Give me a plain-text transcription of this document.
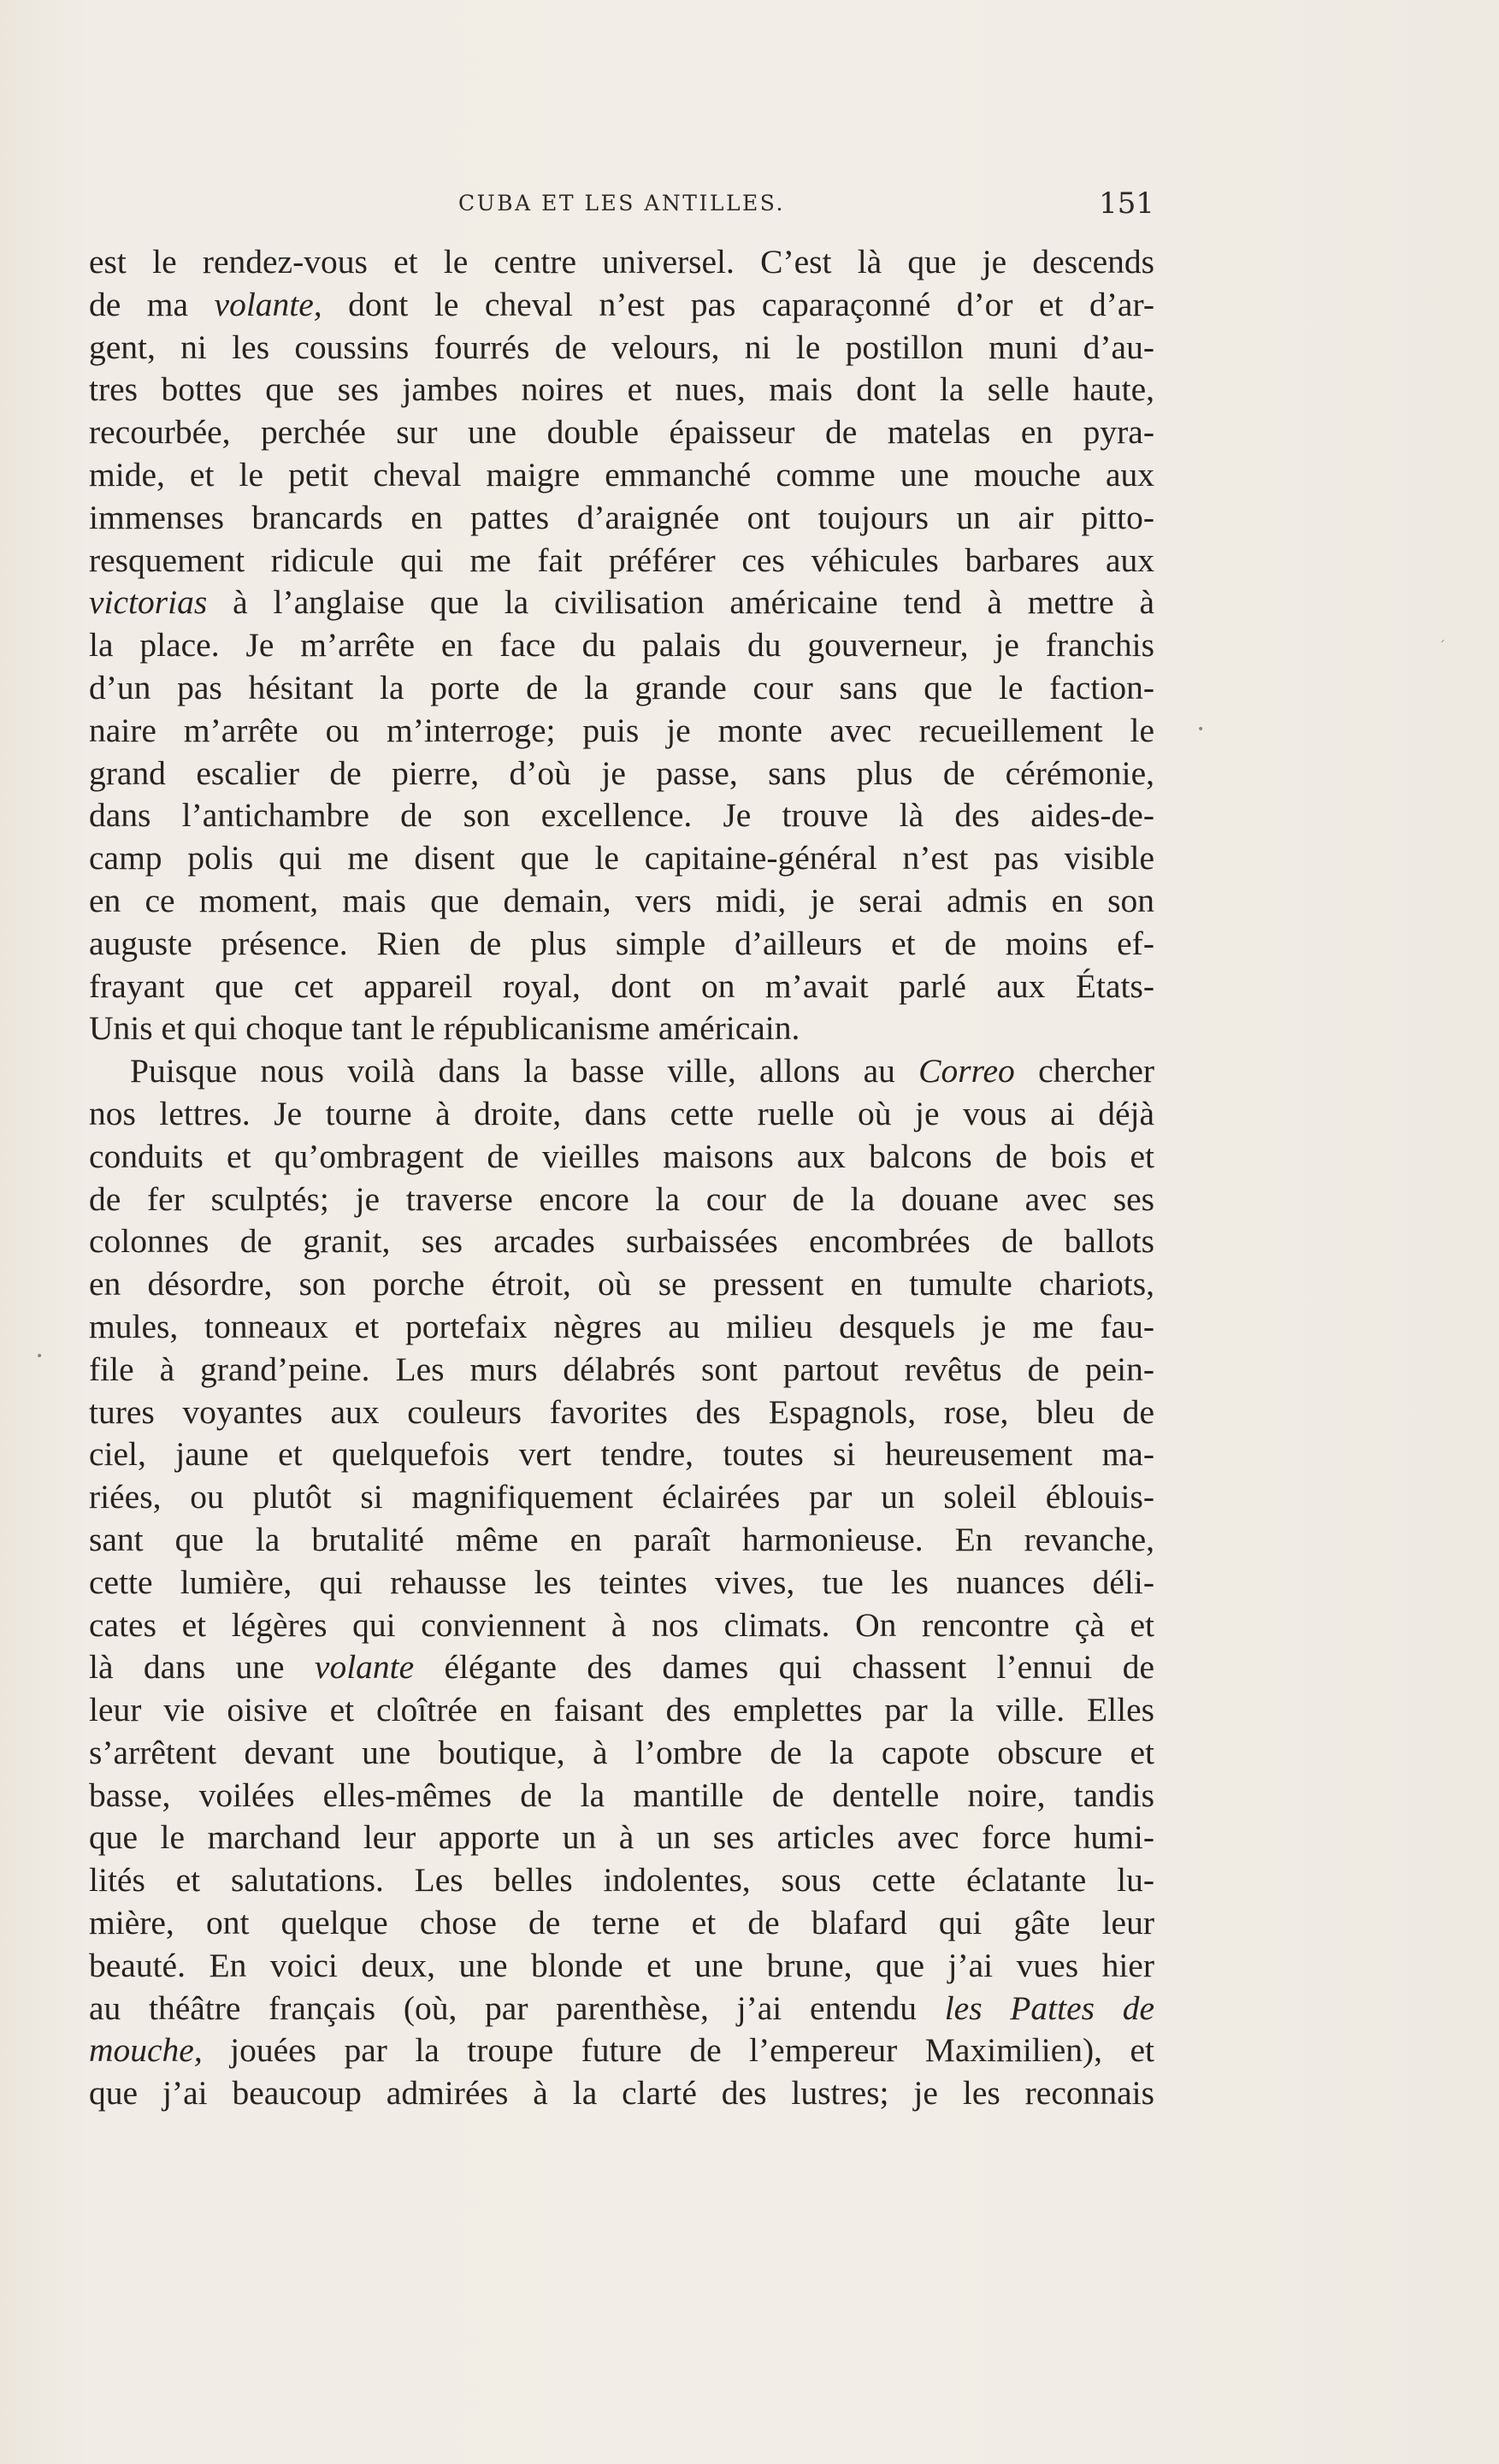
CUBA ET LES ANTILLES.	151
est le rendez-vous et le centre universel. C’est là que je descends
de ma volante, dont le cheval n’est pas caparaçonné d’or et d’ar-
gent, ni les coussins fourrés de velours, ni le postillon muni d’au-
tres bottes que ses jambes noires et nues, mais dont la selle haute,
recourbée, perchée sur une double épaisseur de matelas en pyra-
mide, et le petit cheval maigre emmanché comme une mouche aux
immenses brancards en pattes d’araignée ont toujours un air pitto-
resquement ridicule qui me fait préférer ces véhicules barbares aux
victorias à l’anglaise que la civilisation américaine tend à mettre à
la place. Je m’arrête en face du palais du gouverneur, je franchis
d’un pas hésitant la porte de la grande cour sans que le faction-
naire m’arrête ou m’interroge; puis je monte avec recueillement le
grand escalier de pierre, d’où je passe, sans plus de cérémonie,
dans l’antichambre de son excellence. Je trouve là des aides-de-
camp polis qui me disent que le capitaine-général n’est pas visible
en ce moment, mais que demain, vers midi, je serai admis en son
auguste présence. Rien de plus simple d’ailleurs et de moins ef-
frayant que cet appareil royal, dont on m’avait parlé aux États-
Unis et qui choque tant le républicanisme américain.
Puisque nous voilà dans la basse ville, allons au Correo chercher
nos lettres. Je tourne à droite, dans cette ruelle où je vous ai déjà
conduits et qu’ombragent de vieilles maisons aux balcons de bois et
de fer sculptés; je traverse encore la cour de la douane avec ses
colonnes de granit, ses arcades surbaissées encombrées de ballots
en désordre, son porche étroit, où se pressent en tumulte chariots,
mules, tonneaux et portefaix nègres au milieu desquels je me fau-
file à grand’peine. Les murs délabrés sont partout revêtus de pein-
tures voyantes aux couleurs favorites des Espagnols, rose, bleu de
ciel, jaune et quelquefois vert tendre, toutes si heureusement ma-
riées, ou plutôt si magnifiquement éclairées par un soleil éblouis-
sant que la brutalité même en paraît harmonieuse. En revanche,
cette lumière, qui rehausse les teintes vives, tue les nuances déli-
cates et légères qui conviennent à nos climats. On rencontre çà et
là dans une volante élégante des dames qui chassent l’ennui de
leur vie oisive et cloîtrée en faisant des emplettes par la ville. Elles
s’arrêtent devant une boutique, à l’ombre de la capote obscure et
basse, voilées elles-mêmes de la mantille de dentelle noire, tandis
que le marchand leur apporte un à un ses articles avec force humi-
lités et salutations. Les belles indolentes, sous cette éclatante lu-
mière, ont quelque chose de terne et de blafard qui gâte leur
beauté. En voici deux, une blonde et une brune, que j’ai vues hier
au théâtre français (où, par parenthèse, j’ai entendu les Pattes de
mouche, jouées par la troupe future de l’empereur Maximilien), et
que j’ai beaucoup admirées à la clarté des lustres; je les reconnais
ˊ
•
•
